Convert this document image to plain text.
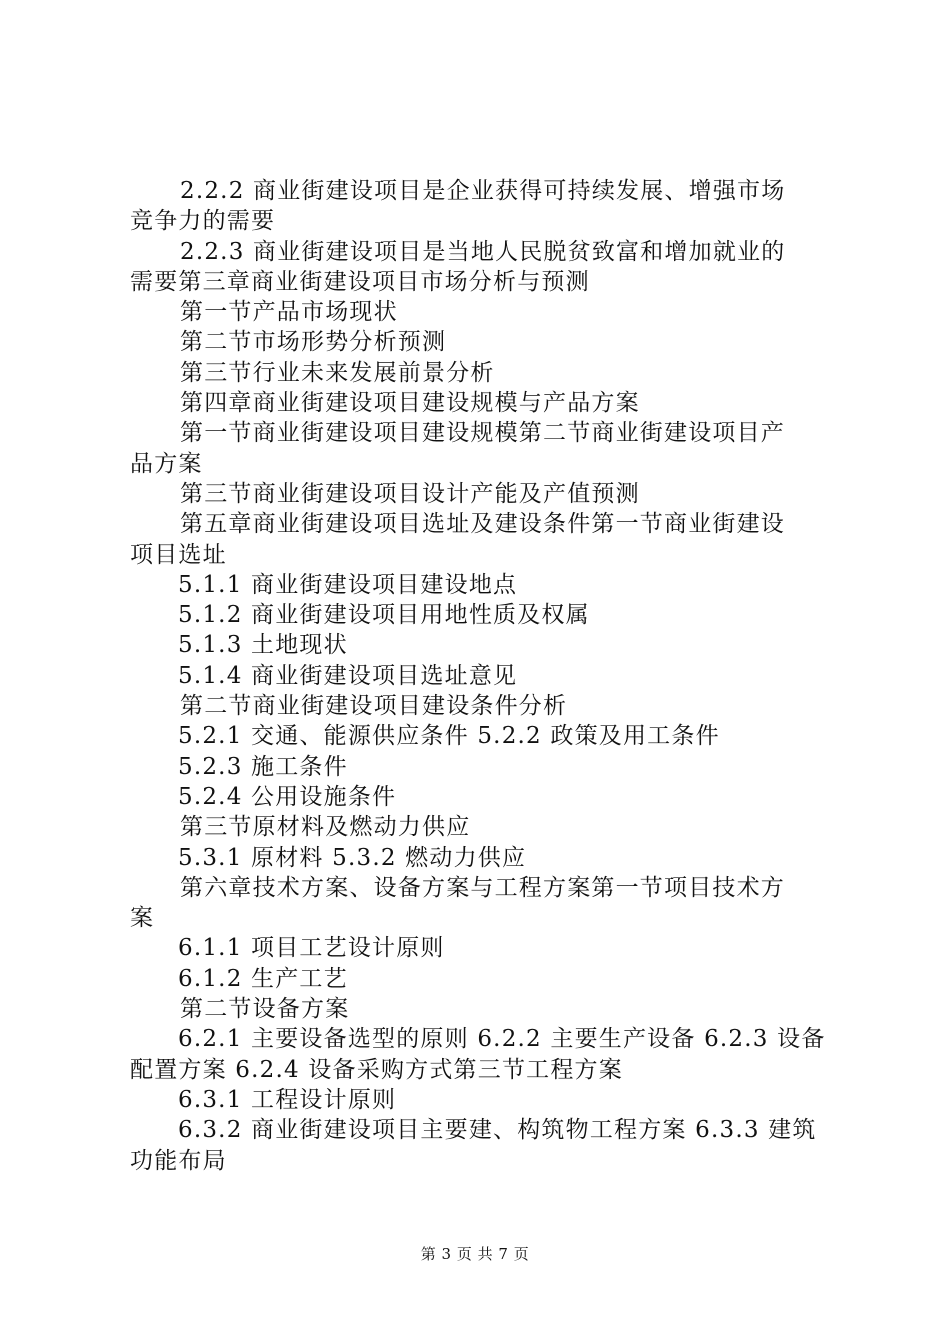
2.2.2 商业街建设项目是企业获得可持续发展、增强市场
竞争力的需要
2.2.3 商业街建设项目是当地人民脱贫致富和增加就业的
需要第三章商业街建设项目市场分析与预测
第一节产品市场现状
第二节市场形势分析预测
第三节行业未来发展前景分析
第四章商业街建设项目建设规模与产品方案
第一节商业街建设项目建设规模第二节商业街建设项目产
品方案
第三节商业街建设项目设计产能及产值预测
第五章商业街建设项目选址及建设条件第一节商业街建设
项目选址
5.1.1 商业街建设项目建设地点
5.1.2 商业街建设项目用地性质及权属
5.1.3 土地现状
5.1.4 商业街建设项目选址意见
第二节商业街建设项目建设条件分析
5.2.1 交通、能源供应条件 5.2.2 政策及用工条件
5.2.3 施工条件
5.2.4 公用设施条件
第三节原材料及燃动力供应
5.3.1 原材料 5.3.2 燃动力供应
第六章技术方案、设备方案与工程方案第一节项目技术方
案
6.1.1 项目工艺设计原则
6.1.2 生产工艺
第二节设备方案
6.2.1 主要设备选型的原则 6.2.2 主要生产设备 6.2.3 设备
配置方案 6.2.4 设备采购方式第三节工程方案
6.3.1 工程设计原则
6.3.2 商业街建设项目主要建、构筑物工程方案 6.3.3 建筑
功能布局
第 3 页 共 7 页
